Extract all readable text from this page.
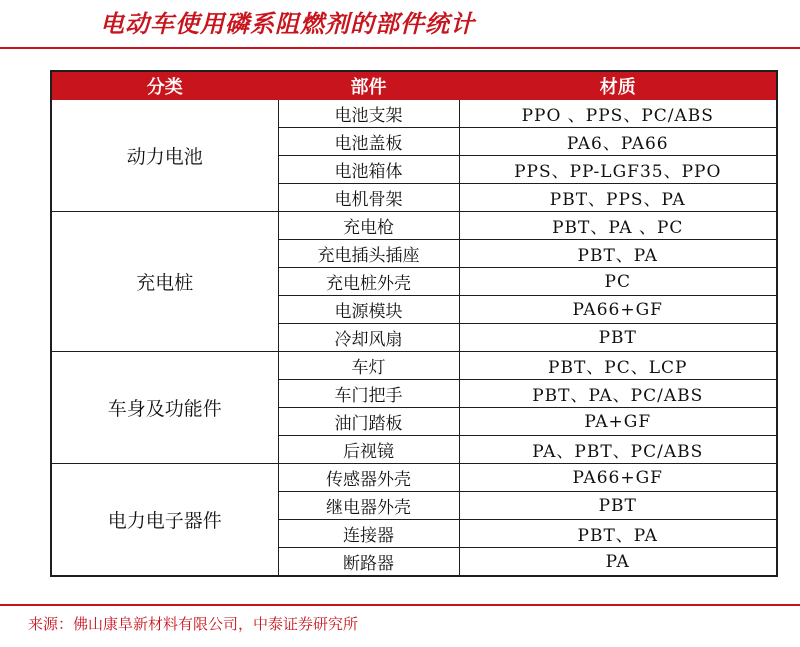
电动车使用磷系阻燃剂的部件统计
分类	部件	材质
动力电池	电池支架	PPO 、PPS、PC/ABS
	电池盖板	PA6、PA66
	电池箱体	PPS、PP-LGF35、PPO
	电机骨架	PBT、PPS、PA
充电桩	充电枪	PBT、PA 、PC
	充电插头插座	PBT、PA
	充电桩外壳	PC
	电源模块	PA66+GF
	冷却风扇	PBT
车身及功能件	车灯	PBT、PC、LCP
	车门把手	PBT、PA、PC/ABS
	油门踏板	PA+GF
	后视镜	PA、PBT、PC/ABS
电力电子器件	传感器外壳	PA66+GF
	继电器外壳	PBT
	连接器	PBT、PA
	断路器	PA
来源：佛山康阜新材料有限公司，中泰证券研究所
